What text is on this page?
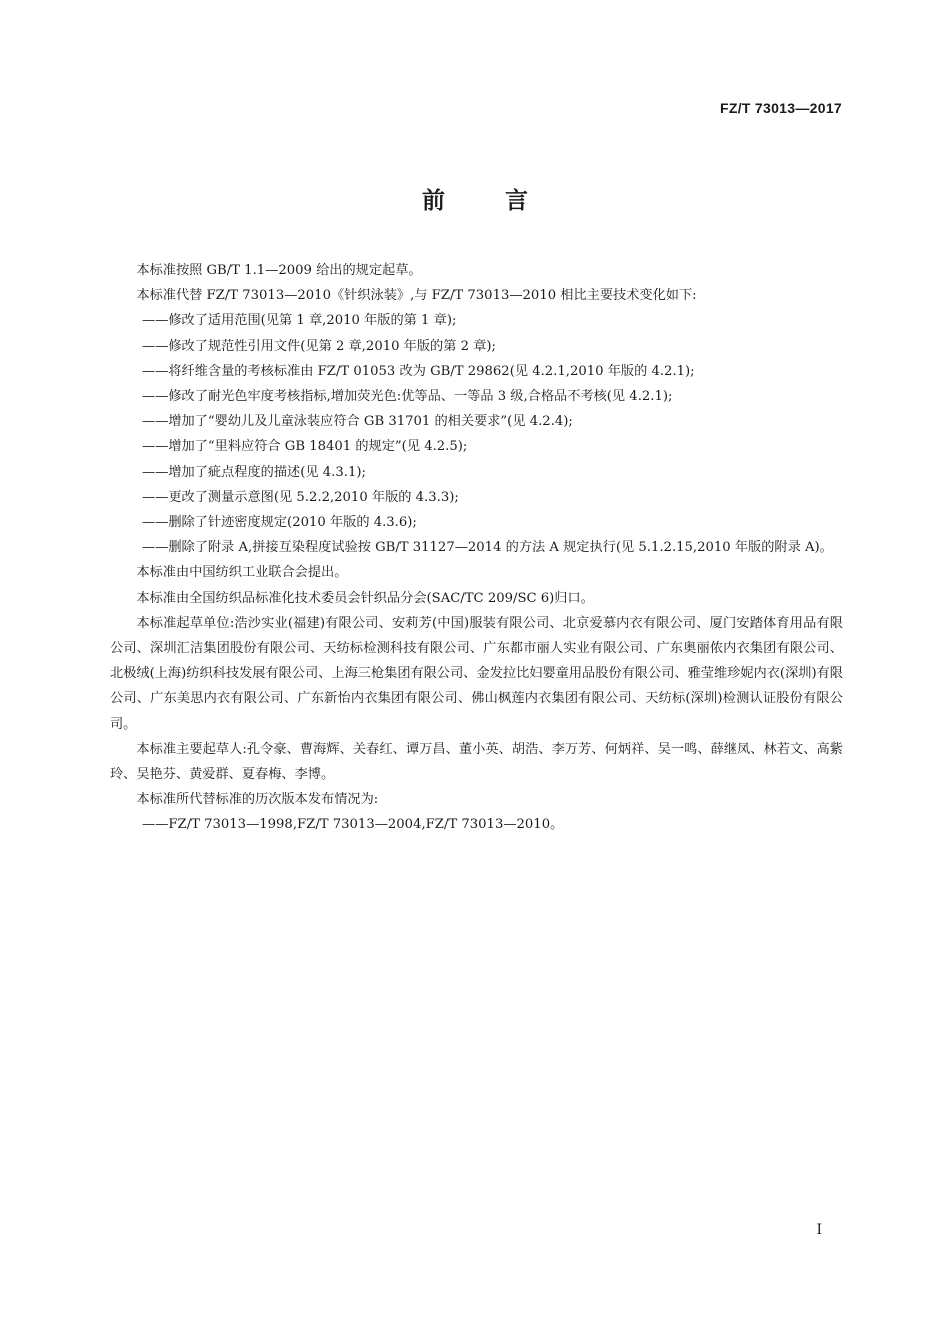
FZ/T 73013—2017
前言

本标准按照 GB/T 1.1—2009 给出的规定起草。

本标准代替 FZ/T 73013—2010《针织泳装》,与 FZ/T 73013—2010 相比主要技术变化如下:

——修改了适用范围(见第 1 章,2010 年版的第 1 章);

——修改了规范性引用文件(见第 2 章,2010 年版的第 2 章);

——将纤维含量的考核标准由 FZ/T 01053 改为 GB/T 29862(见 4.2.1,2010 年版的 4.2.1);

——修改了耐光色牢度考核指标,增加荧光色:优等品、一等品 3 级,合格品不考核(见 4.2.1);

——增加了“婴幼儿及儿童泳装应符合 GB 31701 的相关要求”(见 4.2.4);

——增加了“里料应符合 GB 18401 的规定”(见 4.2.5);

——增加了疵点程度的描述(见 4.3.1);

——更改了测量示意图(见 5.2.2,2010 年版的 4.3.3);

——删除了针迹密度规定(2010 年版的 4.3.6);

——删除了附录 A,拼接互染程度试验按 GB/T 31127—2014 的方法 A 规定执行(见 5.1.2.15,2010 年版的附录 A)。

本标准由中国纺织工业联合会提出。

本标准由全国纺织品标准化技术委员会针织品分会(SAC/TC 209/SC 6)归口。

本标准起草单位:浩沙实业(福建)有限公司、安莉芳(中国)服装有限公司、北京爱慕内衣有限公司、厦门安踏体育用品有限公司、深圳汇洁集团股份有限公司、天纺标检测科技有限公司、广东都市丽人实业有限公司、广东奥丽侬内衣集团有限公司、北极绒(上海)纺织科技发展有限公司、上海三枪集团有限公司、金发拉比妇婴童用品股份有限公司、雅莹维珍妮内衣(深圳)有限公司、广东美思内衣有限公司、广东新怡内衣集团有限公司、佛山枫莲内衣集团有限公司、天纺标(深圳)检测认证股份有限公司。

本标准主要起草人:孔令豪、曹海辉、关春红、谭万昌、董小英、胡浩、李万芳、何炳祥、吴一鸣、薛继凤、林若文、高紫玲、吴艳芬、黄爱群、夏春梅、李博。

本标准所代替标准的历次版本发布情况为:

——FZ/T 73013—1998,FZ/T 73013—2004,FZ/T 73013—2010。

I
